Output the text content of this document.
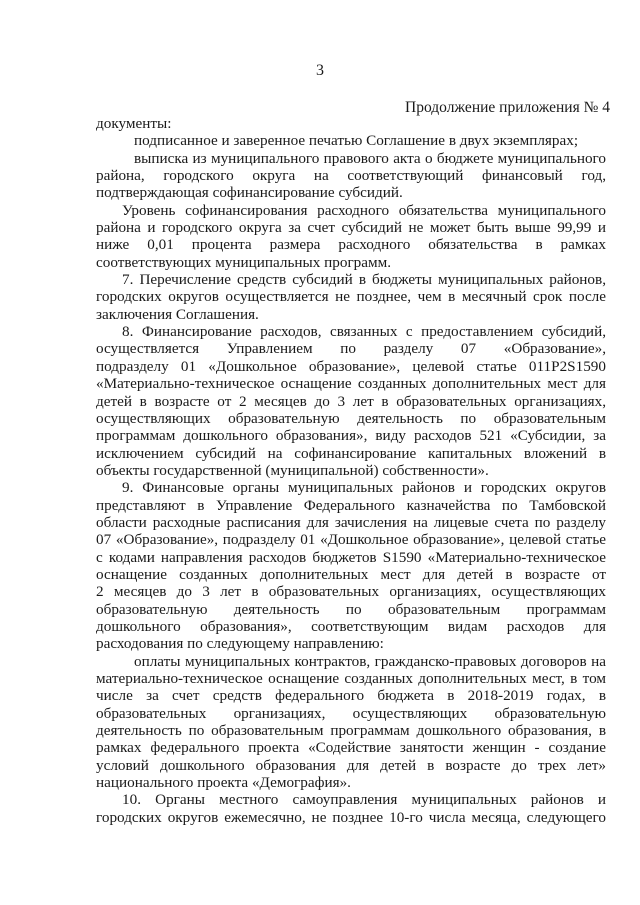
3
Продолжение приложения № 4
документы:
подписанное и заверенное печатью Соглашение в двух экземплярах;
выписка из муниципального правового акта о бюджете муниципального
района, городского округа на соответствующий финансовый год,
подтверждающая софинансирование субсидий.
Уровень софинансирования расходного обязательства муниципального
района и городского округа за счет субсидий не может быть выше 99,99 и
ниже 0,01 процента размера расходного обязательства в рамках
соответствующих муниципальных программ.
7. Перечисление средств субсидий в бюджеты муниципальных районов,
городских округов осуществляется не позднее, чем в месячный срок после
заключения Соглашения.
8. Финансирование расходов, связанных с предоставлением субсидий,
осуществляется Управлением по разделу 07 «Образование»,
подразделу 01 «Дошкольное образование», целевой статье 011P2S1590
«Материально-техническое оснащение созданных дополнительных мест для
детей в возрасте от 2 месяцев до 3 лет в образовательных организациях,
осуществляющих образовательную деятельность по образовательным
программам дошкольного образования», виду расходов 521 «Субсидии, за
исключением субсидий на софинансирование капитальных вложений в
объекты государственной (муниципальной) собственности».
9. Финансовые органы муниципальных районов и городских округов
представляют в Управление Федерального казначейства по Тамбовской
области расходные расписания для зачисления на лицевые счета по разделу
07 «Образование», подразделу 01 «Дошкольное образование», целевой статье
с кодами направления расходов бюджетов S1590 «Материально-техническое
оснащение созданных дополнительных мест для детей в возрасте от
2 месяцев до 3 лет в образовательных организациях, осуществляющих
образовательную деятельность по образовательным программам
дошкольного образования», соответствующим видам расходов для
расходования по следующему направлению:
оплаты муниципальных контрактов, гражданско-правовых договоров на
материально-техническое оснащение созданных дополнительных мест, в том
числе за счет средств федерального бюджета в 2018-2019 годах, в
образовательных организациях, осуществляющих образовательную
деятельность по образовательным программам дошкольного образования, в
рамках федерального проекта «Содействие занятости женщин - создание
условий дошкольного образования для детей в возрасте до трех лет»
национального проекта «Демография».
10. Органы местного самоуправления муниципальных районов и
городских округов ежемесячно, не позднее 10-го числа месяца, следующего
